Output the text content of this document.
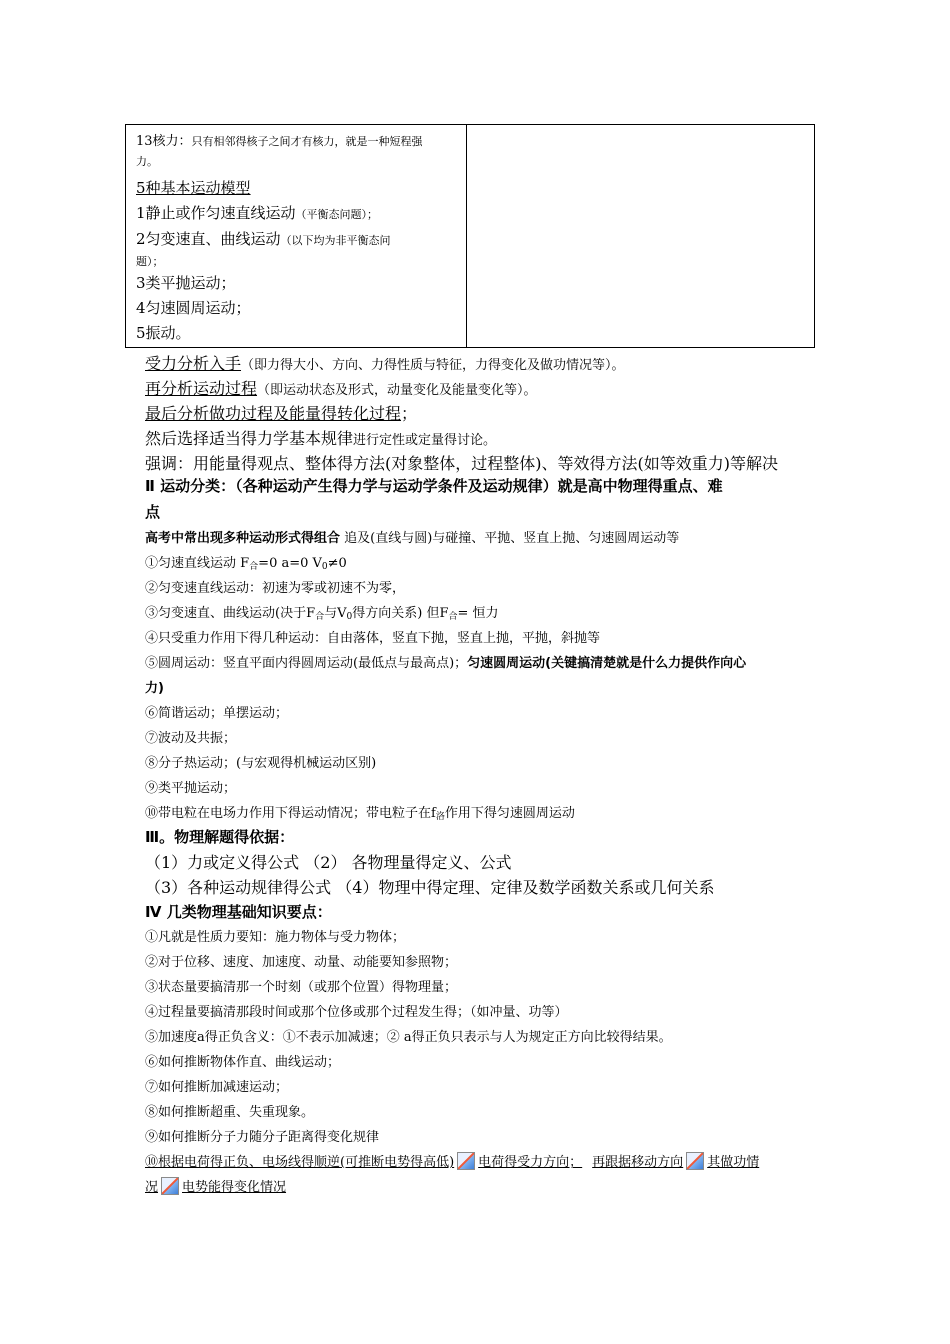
13核力：只有相邻得核子之间才有核力，就是一种短程强
力。
5种基本运动模型
1静止或作匀速直线运动（平衡态问题）；
2匀变速直、曲线运动（以下均为非平衡态问
题）；
3类平抛运动；
4匀速圆周运动；
5振动。
受力分析入手（即力得大小、方向、力得性质与特征，力得变化及做功情况等）。
再分析运动过程（即运动状态及形式，动量变化及能量变化等）。
最后分析做功过程及能量得转化过程；
然后选择适当得力学基本规律进行定性或定量得讨论。
强调：用能量得观点、整体得方法(对象整体，过程整体)、等效得方法(如等效重力)等解决
Ⅱ 运动分类：（各种运动产生得力学与运动学条件及运动规律）就是高中物理得重点、难
点
高考中常出现多种运动形式得组合 追及(直线与圆)与碰撞、平抛、竖直上抛、匀速圆周运动等
①匀速直线运动 $F_合=0$ a=0 $V_0\ne 0$
②匀变速直线运动：初速为零或初速不为零，
③匀变速直、曲线运动(决于$F_合$与$V_0$得方向关系) 但$F_合=$ 恒力
④只受重力作用下得几种运动：自由落体，竖直下抛，竖直上抛，平抛，斜抛等
⑤圆周运动：竖直平面内得圆周运动(最低点与最高点)；匀速圆周运动(关键搞清楚就是什么力提供作向心
力)
⑥简谐运动；单摆运动；
⑦波动及共振；
⑧分子热运动；(与宏观得机械运动区别)
⑨类平抛运动；
⑩带电粒在电场力作用下得运动情况；带电粒子在$f_洛$作用下得匀速圆周运动
Ⅲ。物理解题得依据：
（1）力或定义得公式 （2） 各物理量得定义、公式
（3）各种运动规律得公式 （4）物理中得定理、定律及数学函数关系或几何关系
Ⅳ 几类物理基础知识要点：
①凡就是性质力要知：施力物体与受力物体；
②对于位移、速度、加速度、动量、动能要知参照物；
③状态量要搞清那一个时刻（或那个位置）得物理量；
④过程量要搞清那段时间或那个位侈或那个过程发生得；（如冲量、功等）
⑤加速度a得正负含义：①不表示加减速；② a得正负只表示与人为规定正方向比较得结果。
⑥如何推断物体作直、曲线运动；
⑦如何推断加减速运动；
⑧如何推断超重、失重现象。
⑨如何推断分子力随分子距离得变化规律
⑩根据电荷得正负、电场线得顺逆(可推断电势得高低) 电荷得受力方向； 再跟据移动方向 其做功情
况 电势能得变化情况
